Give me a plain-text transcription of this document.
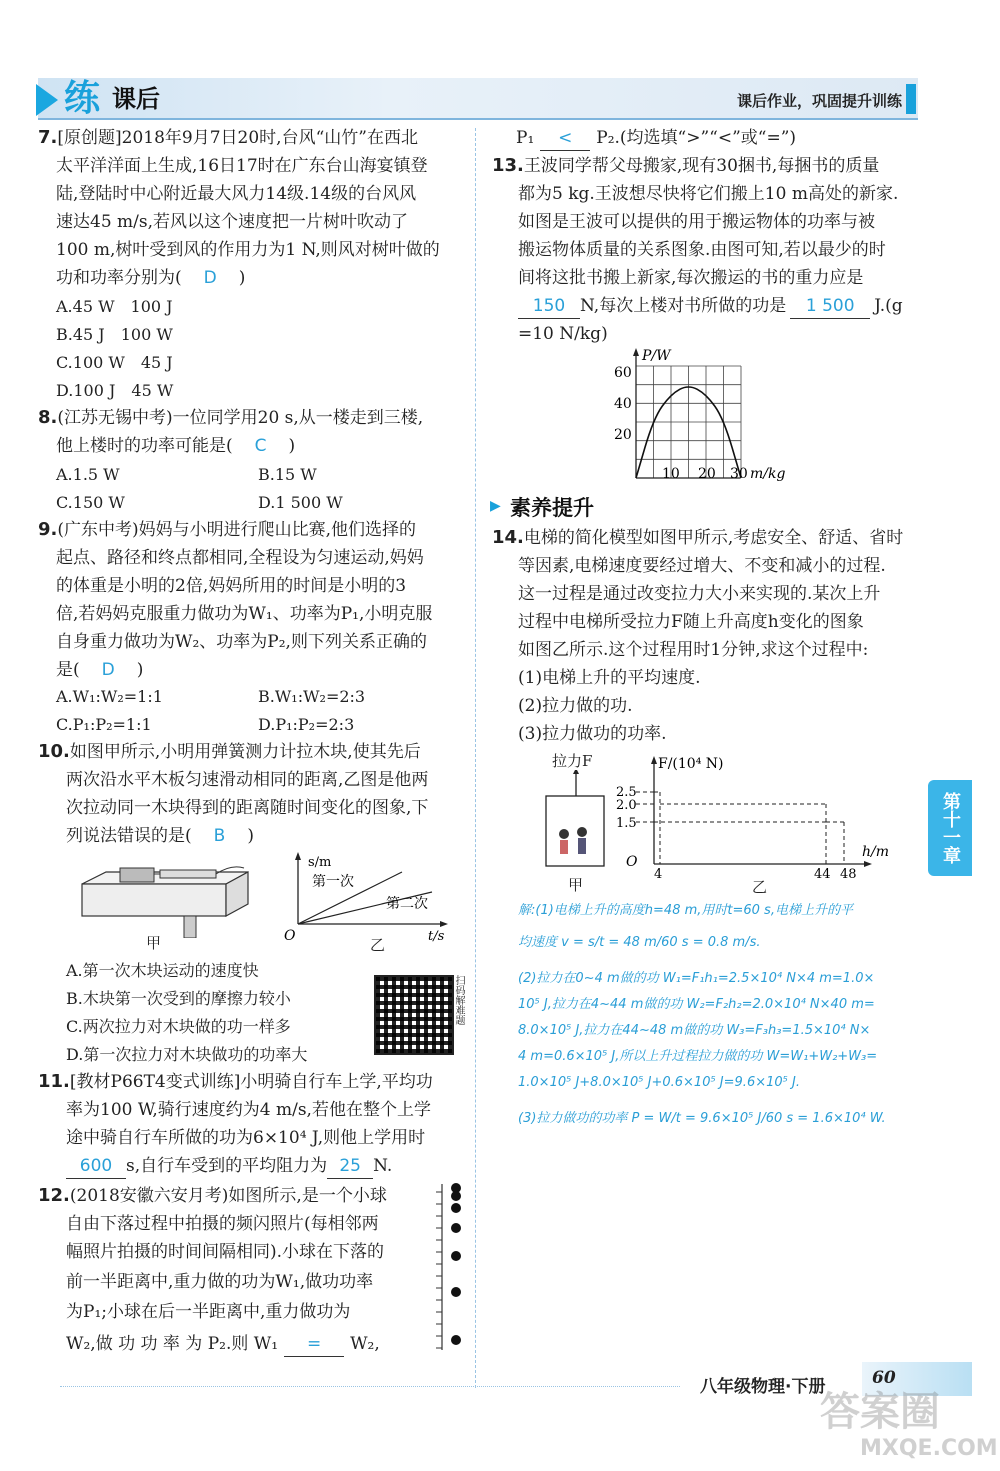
练 课后	课后作业，巩固提升训练
7.[原创题]2018年9月7日20时,台风“山竹”在西北
太平洋洋面上生成,16日17时在广东台山海宴镇登
陆,登陆时中心附近最大风力14级.14级的台风风
速达45 m/s,若风以这个速度把一片树叶吹动了
100 m,树叶受到风的作用力为1 N,则风对树叶做的
功和功率分别为( D )
A.45 W　100 J
B.45 J　100 W
C.100 W　45 J
D.100 J　45 W
8.(江苏无锡中考)一位同学用20 s,从一楼走到三楼,
他上楼时的功率可能是( C )
A.1.5 W	B.15 W
C.150 W	D.1 500 W
9.(广东中考)妈妈与小明进行爬山比赛,他们选择的
起点、路径和终点都相同,全程设为匀速运动,妈妈
的体重是小明的2倍,妈妈所用的时间是小明的3
倍,若妈妈克服重力做功为W₁、功率为P₁,小明克服
自身重力做功为W₂、功率为P₂,则下列关系正确的
是( D )
A.W₁:W₂=1:1	B.W₁:W₂=2:3
C.P₁:P₂=1:1	D.P₁:P₂=2:3
10.如图甲所示,小明用弹簧测力计拉木块,使其先后
两次沿水平木板匀速滑动相同的距离,乙图是他两
次拉动同一木块得到的距离随时间变化的图象,下
列说法错误的是( B )
甲
s/m
第一次
第二次
O	t/s
乙
A.第一次木块运动的速度快
B.木块第一次受到的摩擦力较小
C.两次拉力对木块做的功一样多
D.第一次拉力对木块做功的功率大
扫码解难题
11.[教材P66T4变式训练]小明骑自行车上学,平均功
率为100 W,骑行速度约为4 m/s,若他在整个上学
途中骑自行车所做的功为6×10⁴ J,则他上学用时
600 s,自行车受到的平均阻力为 25 N.
12.(2018安徽六安月考)如图所示,是一个小球
自由下落过程中拍摄的频闪照片(每相邻两
幅照片拍摄的时间间隔相同).小球在下落的
前一半距离中,重力做的功为W₁,做功功率
为P₁;小球在后一半距离中,重力做功为
W₂,做 功 功 率 为 P₂.则 W₁ = W₂,
P₁ < P₂.(均选填“>”“<”或“=”)
13.王波同学帮父母搬家,现有30捆书,每捆书的质量
都为5 kg.王波想尽快将它们搬上10 m高处的新家.
如图是王波可以提供的用于搬运物体的功率与被
搬运物体质量的关系图象.由图可知,若以最少的时
间将这批书搬上新家,每次搬运的书的重力应是
150 N,每次上楼对书所做的功是 1 500 J.(g
=10 N/kg)
P/W
60
40
20
10 20 30 m/kg
▶ 素养提升
14.电梯的简化模型如图甲所示,考虑安全、舒适、省时
等因素,电梯速度要经过增大、不变和减小的过程.
这一过程是通过改变拉力大小来实现的.某次上升
过程中电梯所受拉力F随上升高度h变化的图象
如图乙所示.这个过程用时1分钟,求这个过程中:
(1)电梯上升的平均速度.
(2)拉力做的功.
(3)拉力做功的功率.
拉力F
甲
F/(10⁴ N)
2.5
2.0
1.5
O
4	44 48
h/m
乙
解:(1)电梯上升的高度h=48 m,用时t=60 s,电梯上升的平
均速度 v = s/t = 48 m/60 s = 0.8 m/s.
(2)拉力在0~4 m做的功 W₁=F₁h₁=2.5×10⁴ N×4 m=1.0×
10⁵ J,拉力在4~44 m做的功 W₂=F₂h₂=2.0×10⁴ N×40 m=
8.0×10⁵ J,拉力在44~48 m做的功 W₃=F₃h₃=1.5×10⁴ N×
4 m=0.6×10⁵ J,所以上升过程拉力做的功 W=W₁+W₂+W₃=
1.0×10⁵ J+8.0×10⁵ J+0.6×10⁵ J=9.6×10⁵ J.
(3)拉力做功的功率 P = W/t = 9.6×10⁵ J/60 s = 1.6×10⁴ W.
第十一章
八年级物理·下册	60
答案圈
MXQE.COM
